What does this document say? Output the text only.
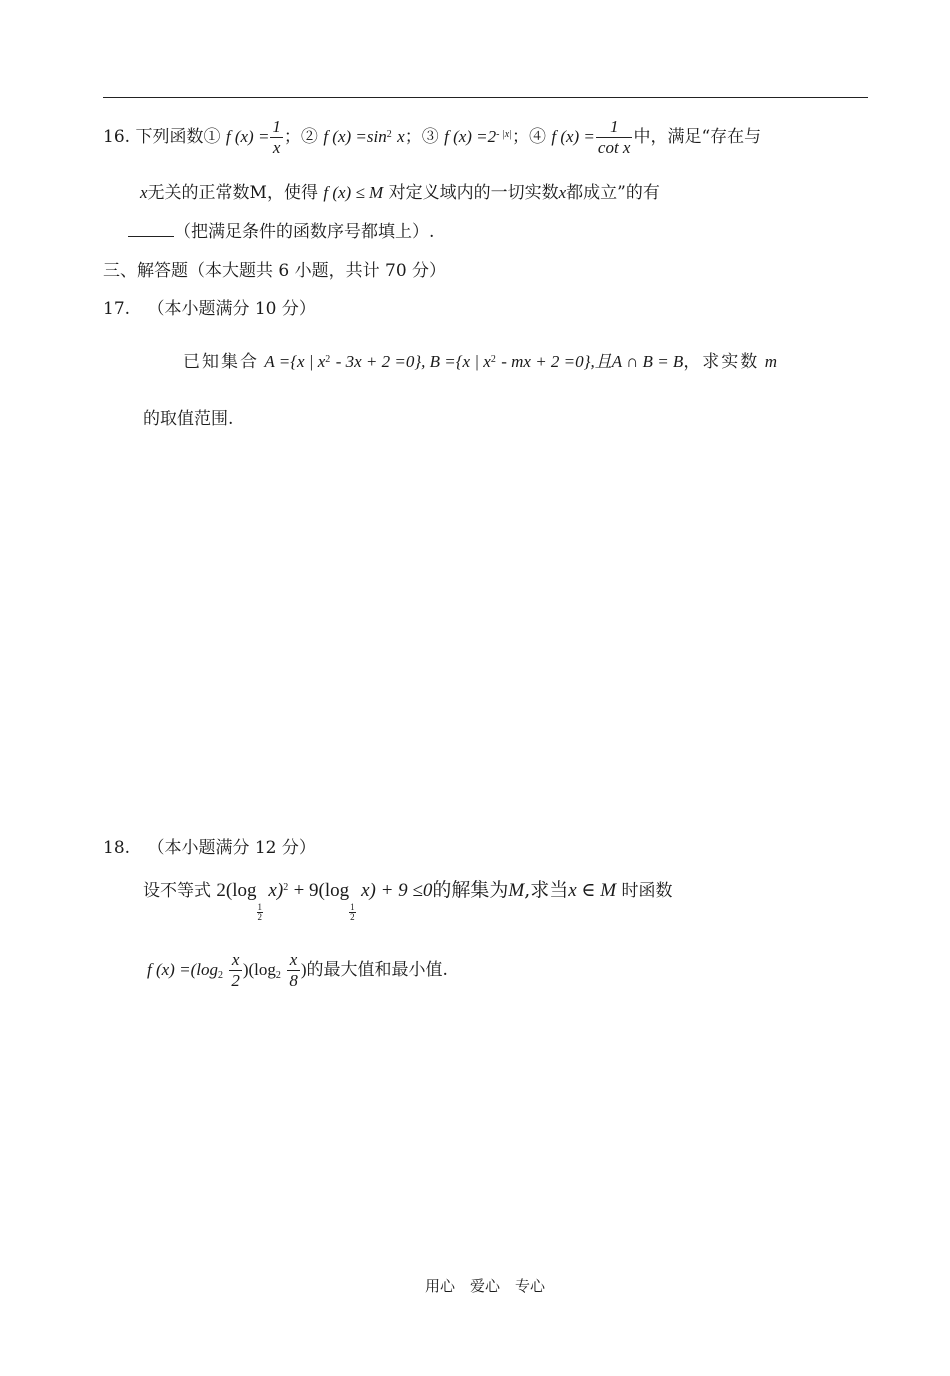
16. 下列函数① f $(x) = \frac{1}{x}$ ；② f $(x) =\sin^2$ x；③ f $(x) =2^{- |x|}$；④ f $(x) = \frac{1}{\text{cot x}}$ 中，满足“存在与
x无关的正常数M，使得 f (x) ≤ M 对定义域内的一切实数x都成立”的有
（把满足条件的函数序号都填上）.
三、解答题（本大题共 6 小题，共计 70 分）
17. （本小题满分 10 分）
已知集合 A ={x | $x^2 - 3x + 2 =0$}, B ={x | $x^2$ - mx + 2 =0},且A ∩ B = B，求实数 m
的取值范围.
18. （本小题满分 12 分）
设不等式 2(log
$\frac{1}{2} x)^2 + 9(\log$
$\frac{1}{2} x) + 9 \le 0$的解集为M,求当x ∈ M 时函数
f $(x) =(\log_2 \frac{x}{2} )(\log_2 \frac{x}{8}$ )的最大值和最小值.
用心　爱心　专心
